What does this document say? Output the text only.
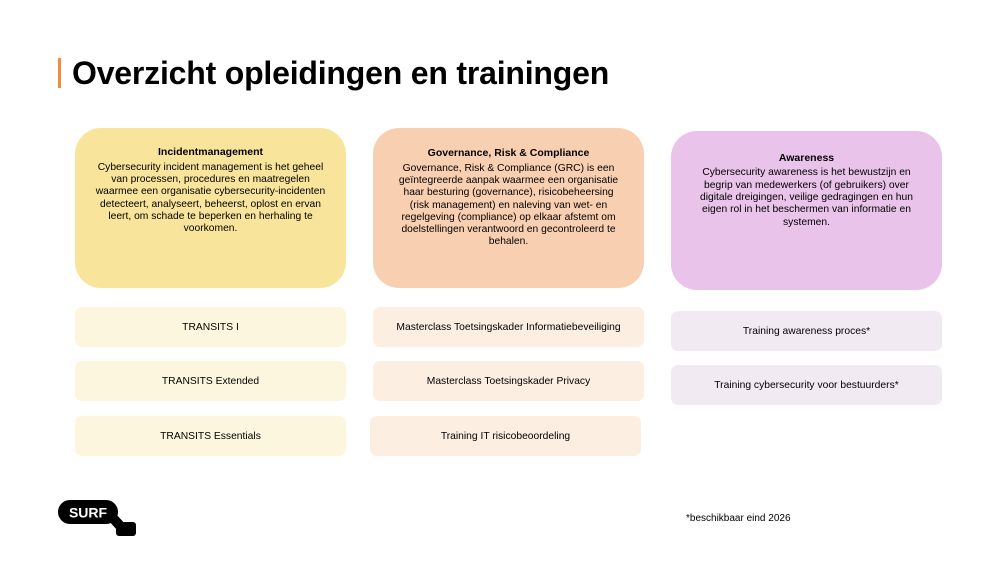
Overzicht opleidingen en trainingen
Incidentmanagement

Cybersecurity incident management is het geheel van processen, procedures en maatregelen waarmee een organisatie cybersecurity-incidenten detecteert, analyseert, beheerst, oplost en ervan leert, om schade te beperken en herhaling te voorkomen.

Governance, Risk & Compliance

Governance, Risk & Compliance (GRC) is een geïntegreerde aanpak waarmee een organisatie haar besturing (governance), risicobeheersing (risk management) en naleving van wet- en regelgeving (compliance) op elkaar afstemt om doelstellingen verantwoord en gecontroleerd te behalen.

Awareness

Cybersecurity awareness is het bewustzijn en begrip van medewerkers (of gebruikers) over digitale dreigingen, veilige gedragingen en hun eigen rol in het beschermen van informatie en systemen.

TRANSITS I
TRANSITS Extended
TRANSITS Essentials
Masterclass Toetsingskader Informatiebeveiliging
Masterclass Toetsingskader Privacy
Training IT risicobeoordeling
Training awareness proces*
Training cybersecurity voor bestuurders*
*beschikbaar eind 2026
SURF
